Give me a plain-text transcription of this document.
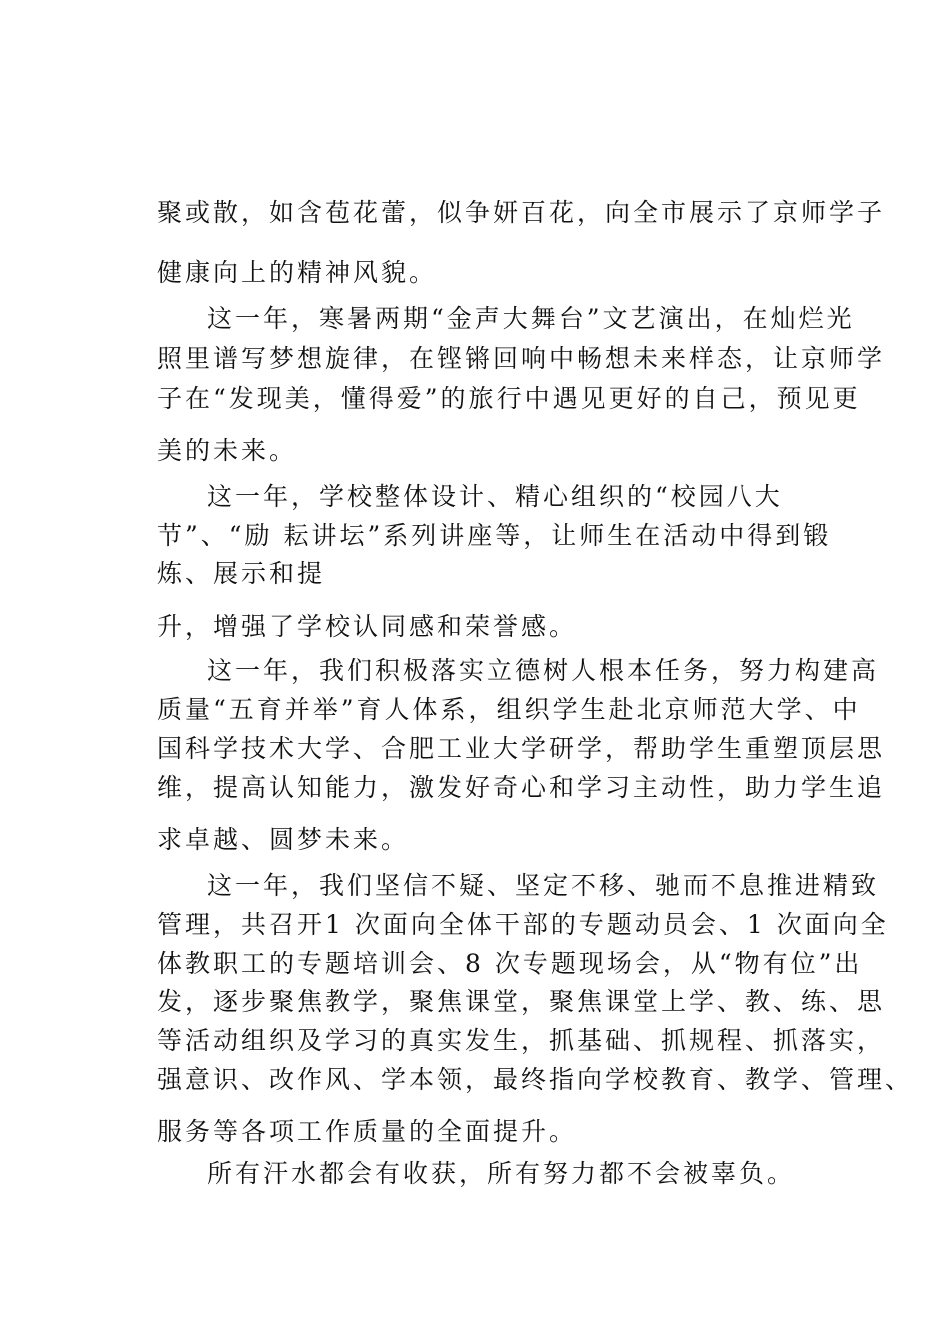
聚或散，如含苞花蕾，似争妍百花，向全市展示了京师学子
健康向上的精神风貌。
这一年，寒暑两期“金声大舞台”文艺演出，在灿烂光
照里谱写梦想旋律，在铿锵回响中畅想未来样态，让京师学
子在“发现美，懂得爱”的旅行中遇见更好的自己，预见更
美的未来。
这一年，学校整体设计、精心组织的“校园八大
节”、“励 耘讲坛”系列讲座等，让师生在活动中得到锻
炼、展示和提
升，增强了学校认同感和荣誉感。
这一年，我们积极落实立德树人根本任务，努力构建高
质量“五育并举”育人体系，组织学生赴北京师范大学、中
国科学技术大学、合肥工业大学研学，帮助学生重塑顶层思
维，提高认知能力，激发好奇心和学习主动性，助力学生追
求卓越、圆梦未来。
这一年，我们坚信不疑、坚定不移、驰而不息推进精致
管理，共召开1 次面向全体干部的专题动员会、1 次面向全
体教职工的专题培训会、8 次专题现场会，从“物有位”出
发，逐步聚焦教学，聚焦课堂，聚焦课堂上学、教、练、思
等活动组织及学习的真实发生，抓基础、抓规程、抓落实，
强意识、改作风、学本领，最终指向学校教育、教学、管理、
服务等各项工作质量的全面提升。
所有汗水都会有收获，所有努力都不会被辜负。
